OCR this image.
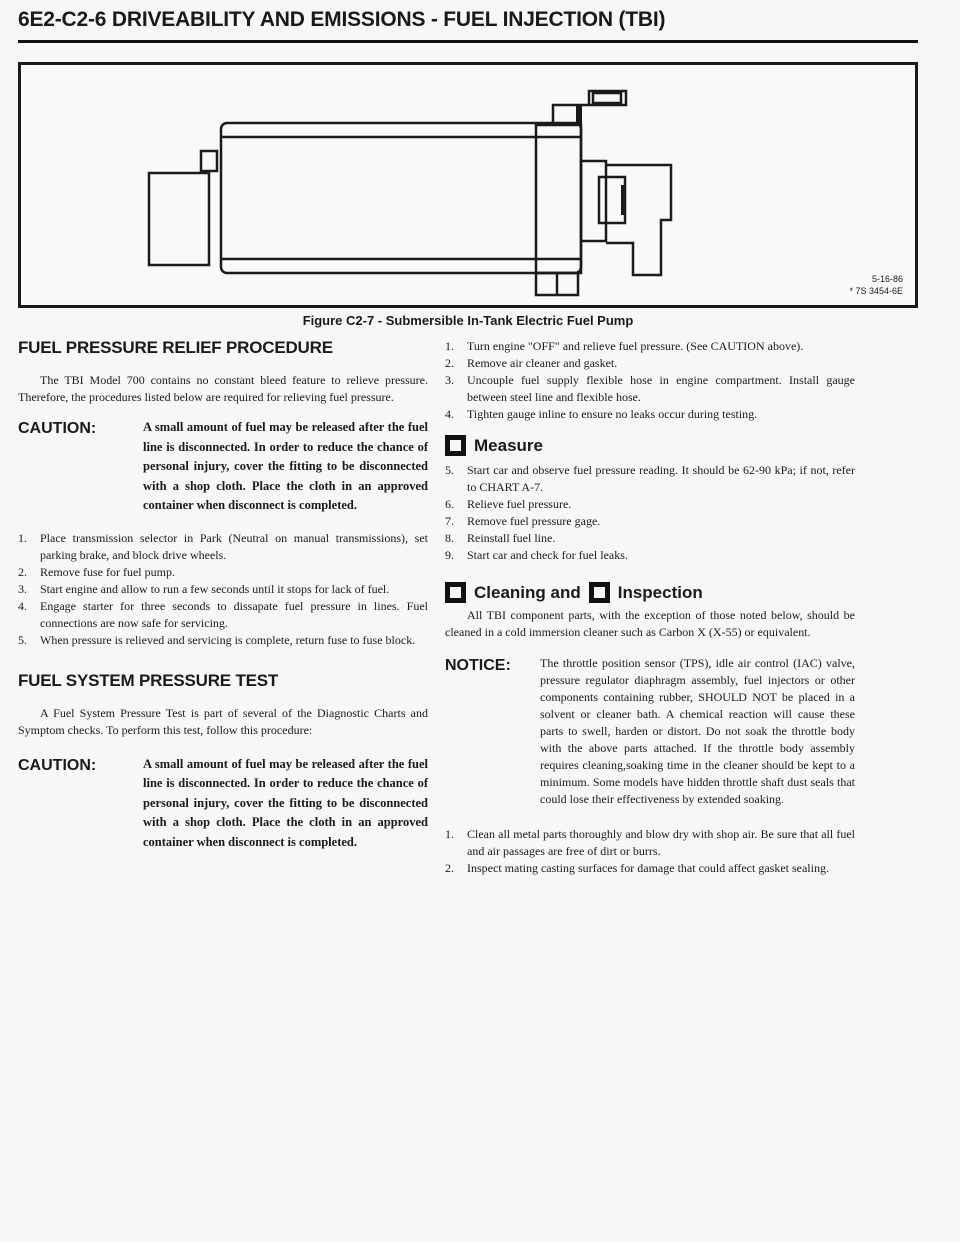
6E2-C2-6 DRIVEABILITY AND EMISSIONS - FUEL INJECTION (TBI)
5-16-86
* 7S 3454-6E
Figure C2-7 - Submersible In-Tank Electric Fuel Pump
FUEL PRESSURE RELIEF PROCEDURE

The TBI Model 700 contains no constant bleed feature to relieve pressure. Therefore, the procedures listed below are required for relieving fuel pressure.

CAUTION:	A small amount of fuel may be released after the fuel line is disconnected. In order to reduce the chance of personal injury, cover the fitting to be disconnected with a shop cloth. Place the cloth in an approved container when disconnect is completed.
1.	Place transmission selector in Park (Neutral on manual transmissions), set parking brake, and block drive wheels.
2.	Remove fuse for fuel pump.
3.	Start engine and allow to run a few seconds until it stops for lack of fuel.
4.	Engage starter for three seconds to dissapate fuel pressure in lines. Fuel connections are now safe for servicing.
5.	When pressure is relieved and servicing is complete, return fuse to fuse block.
FUEL SYSTEM PRESSURE TEST

A Fuel System Pressure Test is part of several of the Diagnostic Charts and Symptom checks. To perform this test, follow this procedure:

CAUTION:	A small amount of fuel may be released after the fuel line is disconnected. In order to reduce the chance of personal injury, cover the fitting to be disconnected with a shop cloth. Place the cloth in an approved container when disconnect is completed.
1.	Turn engine "OFF" and relieve fuel pressure. (See CAUTION above).
2.	Remove air cleaner and gasket.
3.	Uncouple fuel supply flexible hose in engine compartment. Install gauge between steel line and flexible hose.
4.	Tighten gauge inline to ensure no leaks occur during testing.
Measure
5.	Start car and observe fuel pressure reading. It should be 62-90 kPa; if not, refer to CHART A-7.
6.	Relieve fuel pressure.
7.	Remove fuel pressure gage.
8.	Reinstall fuel line.
9.	Start car and check for fuel leaks.
Cleaning and Inspection

All TBI component parts, with the exception of those noted below, should be cleaned in a cold immersion cleaner such as Carbon X (X-55) or equivalent.

NOTICE:	The throttle position sensor (TPS), idle air control (IAC) valve, pressure regulator diaphragm assembly, fuel injectors or other components containing rubber, SHOULD NOT be placed in a solvent or cleaner bath. A chemical reaction will cause these parts to swell, harden or distort. Do not soak the throttle body with the above parts attached. If the throttle body assembly requires cleaning,soaking time in the cleaner should be kept to a minimum. Some models have hidden throttle shaft dust seals that could lose their effectiveness by extended soaking.
1.	Clean all metal parts thoroughly and blow dry with shop air. Be sure that all fuel and air passages are free of dirt or burrs.
2.	Inspect mating casting surfaces for damage that could affect gasket sealing.
